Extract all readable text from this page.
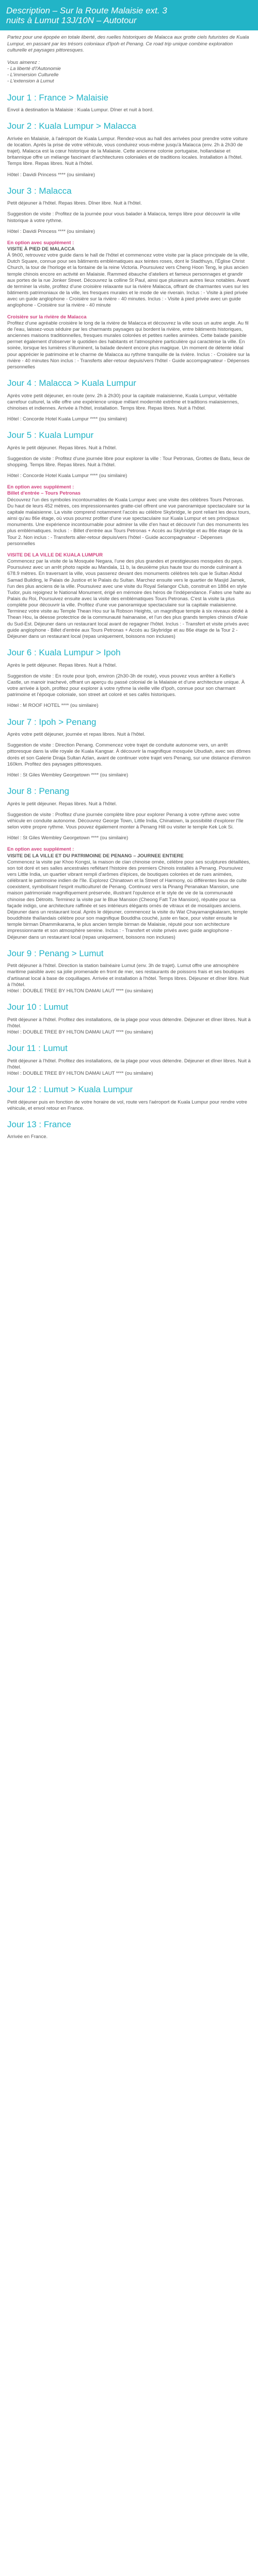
Description – Sur la Route Malaisie ext. 3
nuits à Lumut 13J/10N – Autotour

Partez pour une épopée en totale liberté, des ruelles historiques de Malacca aux grotte ciels futuristes de Kuala Lumpur, en passant par les trésors coloniaux d'Ipoh et Penang. Ce road trip unique combine exploration culturelle et paysages pittoresques.

Vous aimerez :

- La liberté d'l'Autonomie

- L'immersion Culturelle

- L'extension à Lumut

Jour 1 : France > Malaisie

Envol à destination la Malaisie : Kuala Lumpur. Dîner et nuit à bord.

Jour 2 : Kuala Lumpur > Malacca

Arrivée en Malaisie, à l'aéroport de Kuala Lumpur. Rendez-vous au hall des arrivées pour prendre votre voiture de location. Après la prise de votre véhicule, vous conduirez vous-même jusqu'à Malacca (env. 2h à 2h30 de trajet). Malacca est la cœur historique de la Malaisie. Cette ancienne colonie portugaise, hollandaise et britannique offre un mélange fascinant d'architectures coloniales et de traditions locales. Installation à l'hôtel. Temps libre. Repas libres. Nuit à l'hôtel.

Hôtel : Davidi Princess **** (ou similaire)

Jour 3 : Malacca

Petit déjeuner à l'hôtel. Repas libres. Dîner libre. Nuit à l'hôtel.

Suggestion de visite : Profitez de la journée pour vous balader à Malacca, temps libre pour découvrir la ville historique à votre rythme.

Hôtel : Davidi Princess **** (ou similaire)

En option avec supplément :

VISITE À PIED DE MALACCA

À 9h00, retrouvez votre guide dans le hall de l'hôtel et commencez votre visite par la place principale de la ville, Dutch Square, connue pour ses bâtiments emblématiques aux teintes roses, dont le Stadthuys, l'Église Christ Church, la tour de l'horloge et la fontaine de la reine Victoria. Poursuivez vers Cheng Hoon Teng, le plus ancien temple chinois encore en activité en Malaisie. Rammed ébauche d'ateliers et fameux personnages et grandir aux portes de la rue Jonker Street. Découvrez la colline St Paul, ainsi que plusieurs autres lieux notables. Avant de terminer la visite, profitez d'une croisière relaxante sur la rivière Malacca, offrant de charmantes vues sur les bâtiments patrimoniaux de la ville, les fresques murales et le mode de vie riverain. Inclus : - Visite à pied privée avec un guide anglophone - Croisière sur la rivière - 40 minutes. Inclus : - Visite à pied privée avec un guide anglophone - Croisière sur la rivière - 40 minute

Croisière sur la rivière de Malacca

Profitez d'une agréable croisière le long de la rivière de Malacca et découvrez la ville sous un autre angle. Au fil de l'eau, laissez-vous séduire par les charmants paysages qui bordent la rivière, entre bâtiments historiques, anciennes maisons traditionnelles, fresques murales colorées et petites ruelles animées. Cette balade paisible permet également d'observer le quotidien des habitants et l'atmosphère particulière qui caractérise la ville. En soirée, lorsque les lumières s'illuminent, la balade devient encore plus magique. Un moment de détente idéal pour apprécier le patrimoine et le charme de Malacca au rythme tranquille de la rivière. Inclus : - Croisière sur la rivière - 40 minutes Non inclus : - Transferts aller-retour depuis/vers l'hôtel - Guide accompagnateur - Dépenses personnelles

Jour 4 : Malacca > Kuala Lumpur

Après votre petit déjeuner, en route (env. 2h à 2h30) pour la capitale malaisienne, Kuala Lumpur, véritable carrefour culturel, la ville offre une expérience unique mêlant modernité extrême et traditions malaisiennes, chinoises et indiennes. Arrivée à l'hôtel, installation. Temps libre. Repas libres. Nuit à l'hôtel.

Hôtel : Concorde Hotel Kuala Lumpur **** (ou similaire)

Jour 5 : Kuala Lumpur

Après le petit déjeuner. Repas libres. Nuit à l'hôtel.

Suggestion de visite : Profitez d'une journée libre pour explorer la ville : Tour Petronas, Grottes de Batu, lieux de shopping. Temps libre. Repas libres. Nuit à l'hôtel.

Hôtel : Concorde Hotel Kuala Lumpur **** (ou similaire)

En option avec supplément :

Billet d'entrée – Tours Petronas

Découvrez l'un des symboles incontournables de Kuala Lumpur avec une visite des célèbres Tours Petronas. Du haut de leurs 452 mètres, ces impressionnantes gratte-ciel offrent une vue panoramique spectaculaire sur la capitale malaisienne. La visite comprend notamment l'accès au célèbre Skybridge, le pont reliant les deux tours, ainsi qu'au 86e étage, où vous pourrez profiter d'une vue spectaculaire sur Kuala Lumpur et ses principaux monuments. Une expérience incontournable pour admirer la ville d'en haut et découvrir l'un des monuments les plus emblématiques. Inclus : - Billet d'entrée aux Tours Petronas + Accès au Skybridge et au 86e étage de la Tour 2. Non inclus : - Transferts aller-retour depuis/vers l'hôtel - Guide accompagnateur - Dépenses personnelles

VISITE DE LA VILLE DE KUALA LUMPUR

Commencez par la visite de la Mosquée Negara, l'une des plus grandes et prestigieuses mosquées du pays. Poursuivez avec un arrêt photo rapide au Mandala, 11 b, la deuxième plus haute tour du monde culminant à 678.9 mètres. En traversant la ville, vous passerez devant des monuments célèbres tels que le Sultan Abdul Samad Building, le Palais de Justice et le Palais du Sultan. Marchez ensuite vers le quartier de Masjid Jamek, l'un des plus anciens de la ville. Poursuivez avec une visite du Royal Selangor Club, construit en 1884 en style Tudor, puis rejoignez le National Monument, érigé en mémoire des héros de l'indépendance. Faites une halte au Palais du Roi, Poursuivez ensuite avec la visite des emblématiques Tours Petronas. C'est la visite la plus complète pour découvrir la ville. Profitez d'une vue panoramique spectaculaire sur la capitale malaisienne. Terminez votre visite au Temple Thean Hou sur la Robson Heights, un magnifique temple à six niveaux dédié à Thean Hou, la déesse protectrice de la communauté hainanaise, et l'un des plus grands temples chinois d'Asie du Sud-Est. Déjeuner dans un restaurant local avant de regagner l'hôtel. Inclus : - Transfert et visite privés avec guide anglophone - Billet d'entrée aux Tours Petronas + Accès au Skybridge et au 86e étage de la Tour 2 - Déjeuner dans un restaurant local (repas uniquement, boissons non incluses)

Jour 6 : Kuala Lumpur > Ipoh

Après le petit déjeuner. Repas libres. Nuit à l'hôtel.

Suggestion de visite : En route pour Ipoh, environ (2h30-3h de route), vous pouvez vous arrêter à Kellie's Castle, un manoir inachevé, offrant un aperçu du passé colonial de la Malaisie et d'une architecture unique. À votre arrivée à Ipoh, profitez pour explorer à votre rythme la vieille ville d'Ipoh, connue pour son charmant patrimoine et l'époque coloniale, son street art coloré et ses cafés historiques.

Hôtel : M ROOF HOTEL **** (ou similaire)

Jour 7 : Ipoh > Penang

Après votre petit déjeuner, journée et repas libres. Nuit à l'hôtel.

Suggestion de visite : Direction Penang. Commencez votre trajet de conduite autonome vers, un arrêt pittoresque dans la ville royale de Kuala Kangsar. À découvrir la magnifique mosquée Ubudiah, avec ses dômes dorés et son Galerie Diraja Sultan Azlan, avant de continuer votre trajet vers Penang, sur une distance d'environ 160km. Profitez des paysages pittoresques.

Hôtel : St Giles Wembley Georgetown **** (ou similaire)

Jour 8 : Penang

Après le petit déjeuner. Repas libres. Nuit à l'hôtel.

Suggestion de visite : Profitez d'une journée complète libre pour explorer Penang à votre rythme avec votre véhicule en conduite autonome. Découvrez George Town, Little India, Chinatown, la possibilité d'explorer l'île selon votre propre rythme. Vous pouvez également monter à Penang Hill ou visiter le temple Kek Lok Si.

Hôtel : St Giles Wembley Georgetown **** (ou similaire)

En option avec supplément :

VISITE DE LA VILLE ET DU PATRIMOINE DE PENANG – JOURNEE ENTIERE

Commencez la visite par Khoo Kongsi, la maison de clan chinoise ornée, célèbre pour ses sculptures détaillées, son toit doré et ses salles ancestrales reflétant l'histoire des premiers Chinois installés à Penang. Poursuivez vers Little India, un quartier vibrant rempli d'arômes d'épices, de boutiques colorées et de rues animées, célébrant le patrimoine indien de l'île. Explorez Chinatown et la Street of Harmony, où différentes lieux de culte coexistent, symbolisant l'esprit multiculturel de Penang. Continuez vers la Pinang Peranakan Mansion, une maison patrimoniale magnifiquement préservée, illustrant l'opulence et le style de vie de la communauté chinoise des Détroits. Terminez la visite par le Blue Mansion (Cheong Fatt Tze Mansion), réputée pour sa façade indigo, une architecture raffinée et ses intérieurs élégants ornés de vitraux et de mosaïques anciens. Déjeuner dans un restaurant local. Après le déjeuner, commencez la visite du Wat Chayamangkalaram, temple bouddhiste thaïlandais célèbre pour son magnifique Bouddha couché, juste en face, pour visiter ensuite le temple birman Dhammikarama, le plus ancien temple birman de Malaisie, réputé pour son architecture impressionnante et son atmosphère sereine. Inclus : - Transfert et visite privés avec guide anglophone - Déjeuner dans un restaurant local (repas uniquement, boissons non incluses)

Jour 9 : Penang > Lumut

Petit déjeuner à l'hôtel. Direction la station balnéaire Lumut (env. 3h de trajet). Lumut offre une atmosphère maritime paisible avec sa jolie promenade en front de mer, ses restaurants de poissons frais et ses boutiques d'artisanat local à base de coquillages. Arrivée et installation à l'hôtel. Temps libres. Déjeuner et dîner libre. Nuit à l'hôtel.

Hôtel : DOUBLE TREE BY HILTON DAMAI LAUT **** (ou similaire)

Jour 10 : Lumut

Petit déjeuner à l'hôtel. Profitez des installations, de la plage pour vous détendre. Déjeuner et dîner libres. Nuit à l'hôtel.

Hôtel : DOUBLE TREE BY HILTON DAMAI LAUT **** (ou similaire)

Jour 11 : Lumut

Petit déjeuner à l'hôtel. Profitez des installations, de la plage pour vous détendre. Déjeuner et dîner libres. Nuit à l'hôtel.

Hôtel : DOUBLE TREE BY HILTON DAMAI LAUT **** (ou similaire)

Jour 12 : Lumut > Kuala Lumpur

Petit déjeuner puis en fonction de votre horaire de vol, route vers l'aéroport de Kuala Lumpur pour rendre votre véhicule, et envol retour en France.

Jour 13 : France

Arrivée en France.
